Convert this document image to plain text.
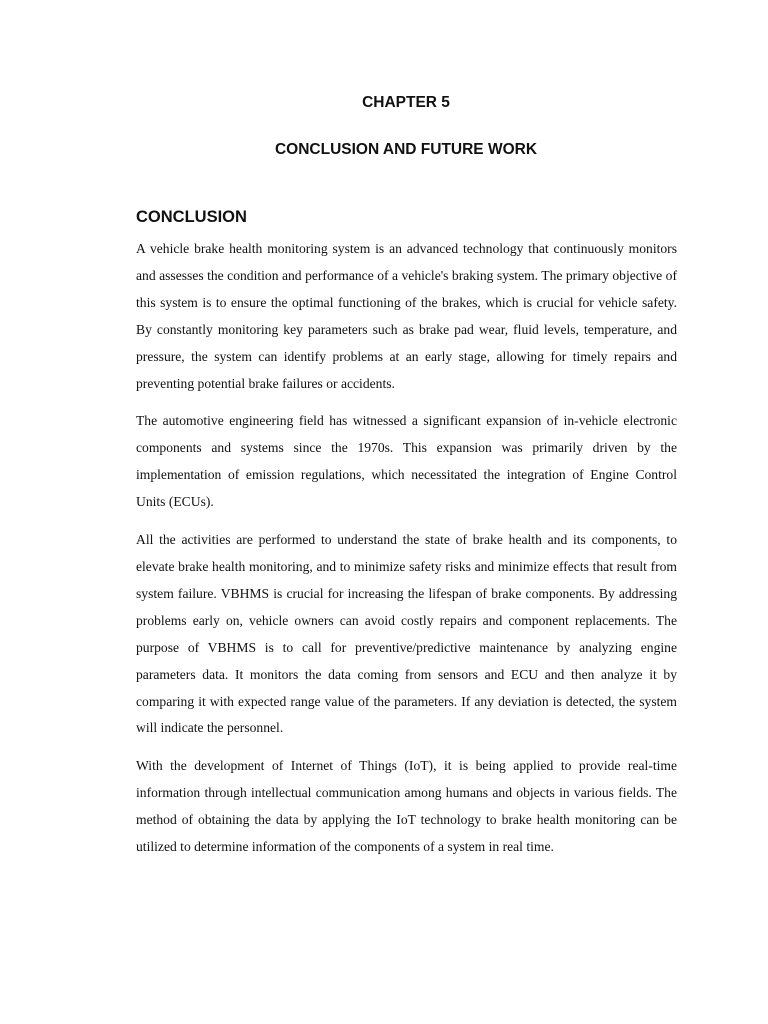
CHAPTER 5
CONCLUSION AND FUTURE WORK
CONCLUSION

A vehicle brake health monitoring system is an advanced technology that continuously monitors and assesses the condition and performance of a vehicle's braking system. The primary objective of this system is to ensure the optimal functioning of the brakes, which is crucial for vehicle safety. By constantly monitoring key parameters such as brake pad wear, fluid levels, temperature, and pressure, the system can identify problems at an early stage, allowing for timely repairs and preventing potential brake failures or accidents.

The automotive engineering field has witnessed a significant expansion of in-vehicle electronic components and systems since the 1970s. This expansion was primarily driven by the implementation of emission regulations, which necessitated the integration of Engine Control Units (ECUs).

All the activities are performed to understand the state of brake health and its components, to elevate brake health monitoring, and to minimize safety risks and minimize effects that result from system failure. VBHMS is crucial for increasing the lifespan of brake components. By addressing problems early on, vehicle owners can avoid costly repairs and component replacements. The purpose of VBHMS is to call for preventive/predictive maintenance by analyzing engine parameters data. It monitors the data coming from sensors and ECU and then analyze it by comparing it with expected range value of the parameters. If any deviation is detected, the system will indicate the personnel.

With the development of Internet of Things (IoT), it is being applied to provide real-time information through intellectual communication among humans and objects in various fields. The method of obtaining the data by applying the IoT technology to brake health monitoring can be utilized to determine information of the components of a system in real time.
